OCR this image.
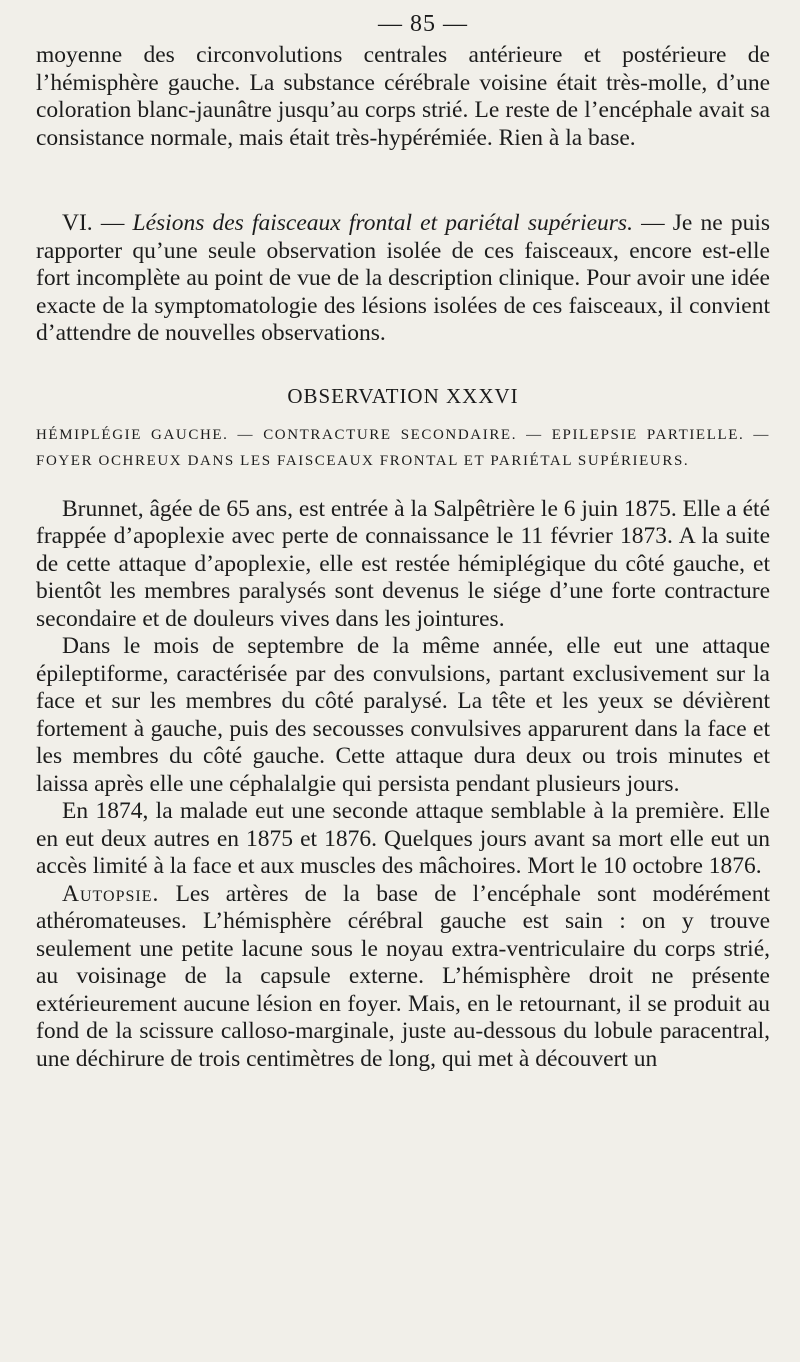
— 85 —

moyenne des circonvolutions centrales antérieure et postérieure de l’hémisphère gauche. La substance cérébrale voisine était très-molle, d’une coloration blanc-jaunâtre jusqu’au corps strié. Le reste de l’encéphale avait sa consistance normale, mais était très-hypérémiée. Rien à la base.

VI. — Lésions des faisceaux frontal et pariétal supérieurs. — Je ne puis rapporter qu’une seule observation isolée de ces faisceaux, encore est-elle fort incomplète au point de vue de la description clinique. Pour avoir une idée exacte de la symptomatologie des lésions isolées de ces faisceaux, il convient d’attendre de nouvelles observations.

OBSERVATION XXXVI

HÉMIPLÉGIE GAUCHE. — CONTRACTURE SECONDAIRE. — EPILEPSIE PARTIELLE. — FOYER OCHREUX DANS LES FAISCEAUX FRONTAL ET PARIÉTAL SUPÉRIEURS.

Brunnet, âgée de 65 ans, est entrée à la Salpêtrière le 6 juin 1875. Elle a été frappée d’apoplexie avec perte de connaissance le 11 février 1873. A la suite de cette attaque d’apoplexie, elle est restée hémiplégique du côté gauche, et bientôt les membres paralysés sont devenus le siége d’une forte contracture secondaire et de douleurs vives dans les jointures.

Dans le mois de septembre de la même année, elle eut une attaque épileptiforme, caractérisée par des convulsions, partant exclusivement sur la face et sur les membres du côté paralysé. La tête et les yeux se dévièrent fortement à gauche, puis des secousses convulsives apparurent dans la face et les membres du côté gauche. Cette attaque dura deux ou trois minutes et laissa après elle une céphalalgie qui persista pendant plusieurs jours.

En 1874, la malade eut une seconde attaque semblable à la première. Elle en eut deux autres en 1875 et 1876. Quelques jours avant sa mort elle eut un accès limité à la face et aux muscles des mâchoires. Mort le 10 octobre 1876.

Autopsie. Les artères de la base de l’encéphale sont modérément athéromateuses. L’hémisphère cérébral gauche est sain : on y trouve seulement une petite lacune sous le noyau extra-ventriculaire du corps strié, au voisinage de la capsule externe. L’hémisphère droit ne présente extérieurement aucune lésion en foyer. Mais, en le retournant, il se produit au fond de la scissure calloso-marginale, juste au-dessous du lobule paracentral, une déchirure de trois centimètres de long, qui met à découvert un
